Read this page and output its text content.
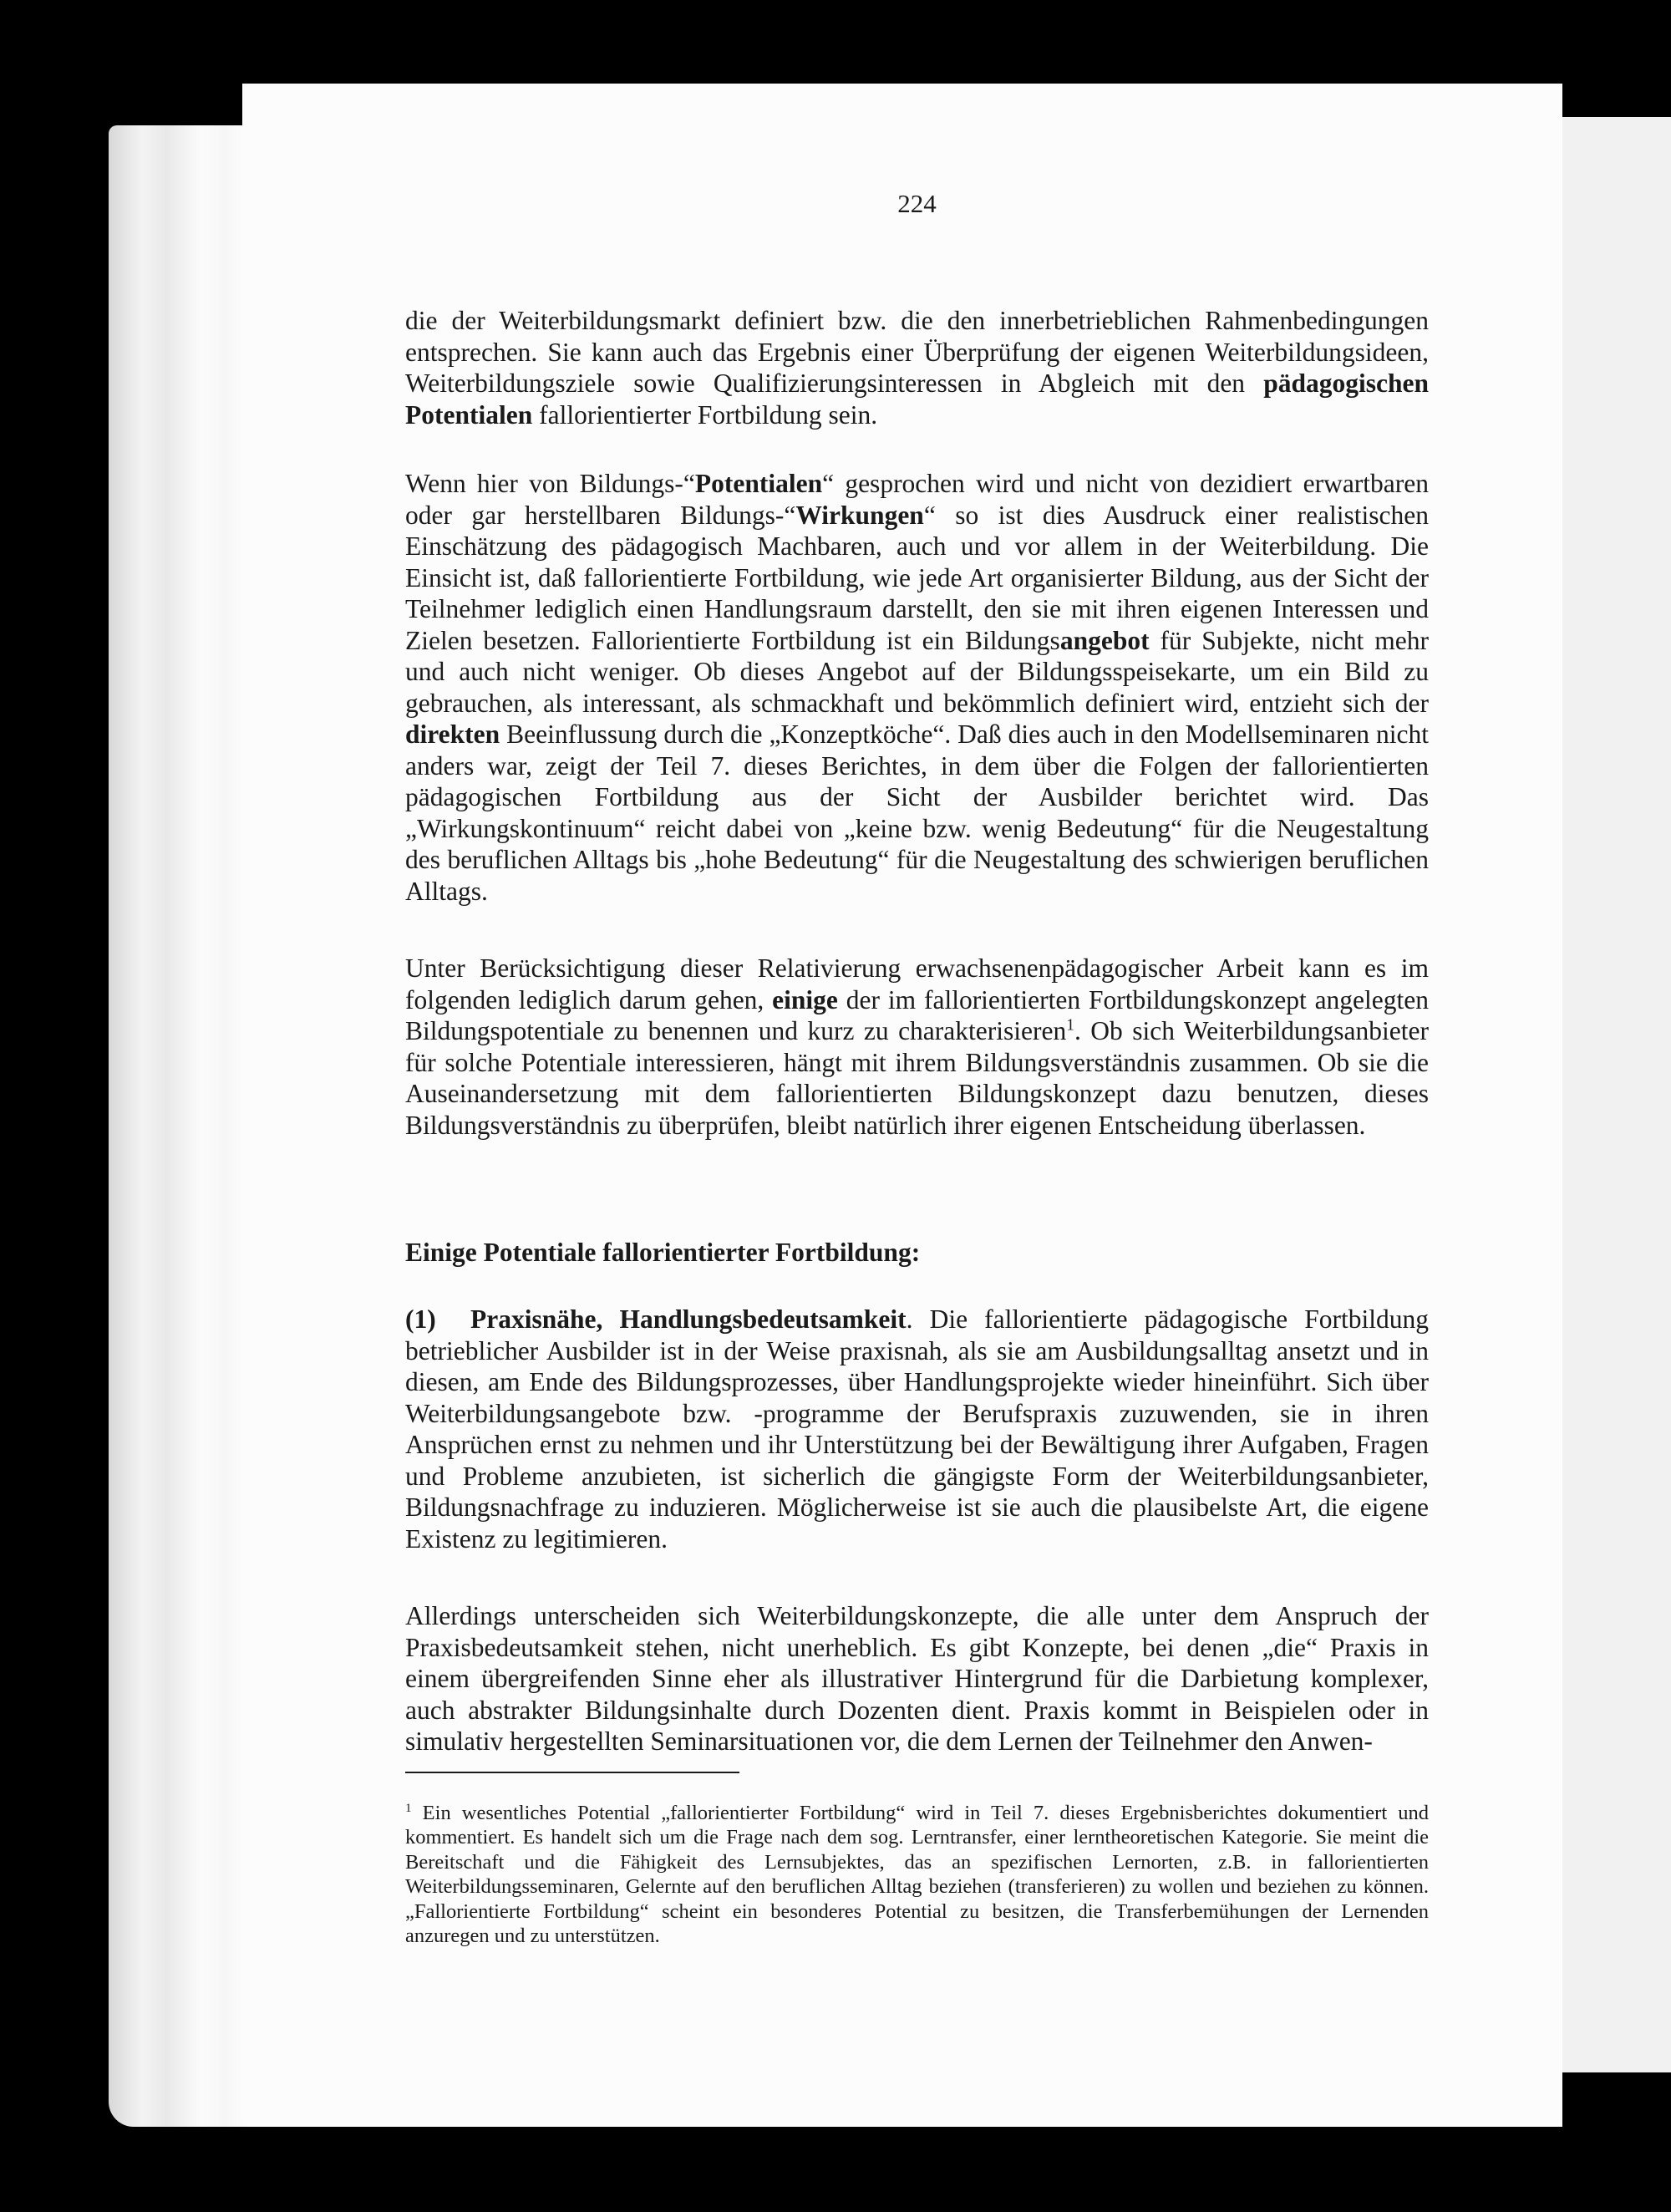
224

die der Weiterbildungsmarkt definiert bzw. die den innerbetrieblichen Rahmenbedingungen entsprechen. Sie kann auch das Ergebnis einer Überprüfung der eigenen Weiterbildungsideen, Weiterbildungsziele sowie Qualifizierungsinteressen in Abgleich mit den pädagogischen Potentialen fallorientierter Fortbildung sein.

Wenn hier von Bildungs-“Potentialen“ gesprochen wird und nicht von dezidiert erwartbaren oder gar herstellbaren Bildungs-“Wirkungen“ so ist dies Ausdruck einer realistischen Einschätzung des pädagogisch Machbaren, auch und vor allem in der Weiterbildung. Die Einsicht ist, daß fallorientierte Fortbildung, wie jede Art organisierter Bildung, aus der Sicht der Teilnehmer lediglich einen Handlungsraum darstellt, den sie mit ihren eigenen Interessen und Zielen besetzen. Fallorientierte Fortbildung ist ein Bildungsangebot für Subjekte, nicht mehr und auch nicht weniger. Ob dieses Angebot auf der Bildungsspeisekarte, um ein Bild zu gebrauchen, als interessant, als schmackhaft und bekömmlich definiert wird, entzieht sich der direkten Beeinflussung durch die „Konzeptköche“. Daß dies auch in den Modellseminaren nicht anders war, zeigt der Teil 7. dieses Berichtes, in dem über die Folgen der fallorientierten pädagogischen Fortbildung aus der Sicht der Ausbilder berichtet wird. Das „Wirkungskontinuum“ reicht dabei von „keine bzw. wenig Bedeutung“ für die Neugestaltung des beruflichen Alltags bis „hohe Bedeutung“ für die Neugestaltung des schwierigen beruflichen Alltags.

Unter Berücksichtigung dieser Relativierung erwachsenenpädagogischer Arbeit kann es im folgenden lediglich darum gehen, einige der im fallorientierten Fortbildungskonzept angelegten Bildungspotentiale zu benennen und kurz zu charakterisieren$^1$. Ob sich Weiterbildungsanbieter für solche Potentiale interessieren, hängt mit ihrem Bildungsverständnis zusammen. Ob sie die Auseinandersetzung mit dem fallorientierten Bildungskonzept dazu benutzen, dieses Bildungsverständnis zu überprüfen, bleibt natürlich ihrer eigenen Entscheidung überlassen.

Einige Potentiale fallorientierter Fortbildung:

(1) Praxisnähe, Handlungsbedeutsamkeit. Die fallorientierte pädagogische Fortbildung betrieblicher Ausbilder ist in der Weise praxisnah, als sie am Ausbildungsalltag ansetzt und in diesen, am Ende des Bildungsprozesses, über Handlungsprojekte wieder hineinführt. Sich über Weiterbildungsangebote bzw. -programme der Berufspraxis zuzuwenden, sie in ihren Ansprüchen ernst zu nehmen und ihr Unterstützung bei der Bewältigung ihrer Aufgaben, Fragen und Probleme anzubieten, ist sicherlich die gängigste Form der Weiterbildungsanbieter, Bildungsnachfrage zu induzieren. Möglicherweise ist sie auch die plausibelste Art, die eigene Existenz zu legitimieren.

Allerdings unterscheiden sich Weiterbildungskonzepte, die alle unter dem Anspruch der Praxisbedeutsamkeit stehen, nicht unerheblich. Es gibt Konzepte, bei denen „die“ Praxis in einem übergreifenden Sinne eher als illustrativer Hintergrund für die Darbietung komplexer, auch abstrakter Bildungsinhalte durch Dozenten dient. Praxis kommt in Beispielen oder in simulativ hergestellten Seminarsituationen vor, die dem Lernen der Teilnehmer den Anwen-

$^1$ Ein wesentliches Potential „fallorientierter Fortbildung“ wird in Teil 7. dieses Ergebnisberichtes dokumentiert und kommentiert. Es handelt sich um die Frage nach dem sog. Lerntransfer, einer lerntheoretischen Kategorie. Sie meint die Bereitschaft und die Fähigkeit des Lernsubjektes, das an spezifischen Lernorten, z.B. in fallorientierten Weiterbildungsseminaren, Gelernte auf den beruflichen Alltag beziehen (transferieren) zu wollen und beziehen zu können. „Fallorientierte Fortbildung“ scheint ein besonderes Potential zu besitzen, die Transferbemühungen der Lernenden anzuregen und zu unterstützen.
